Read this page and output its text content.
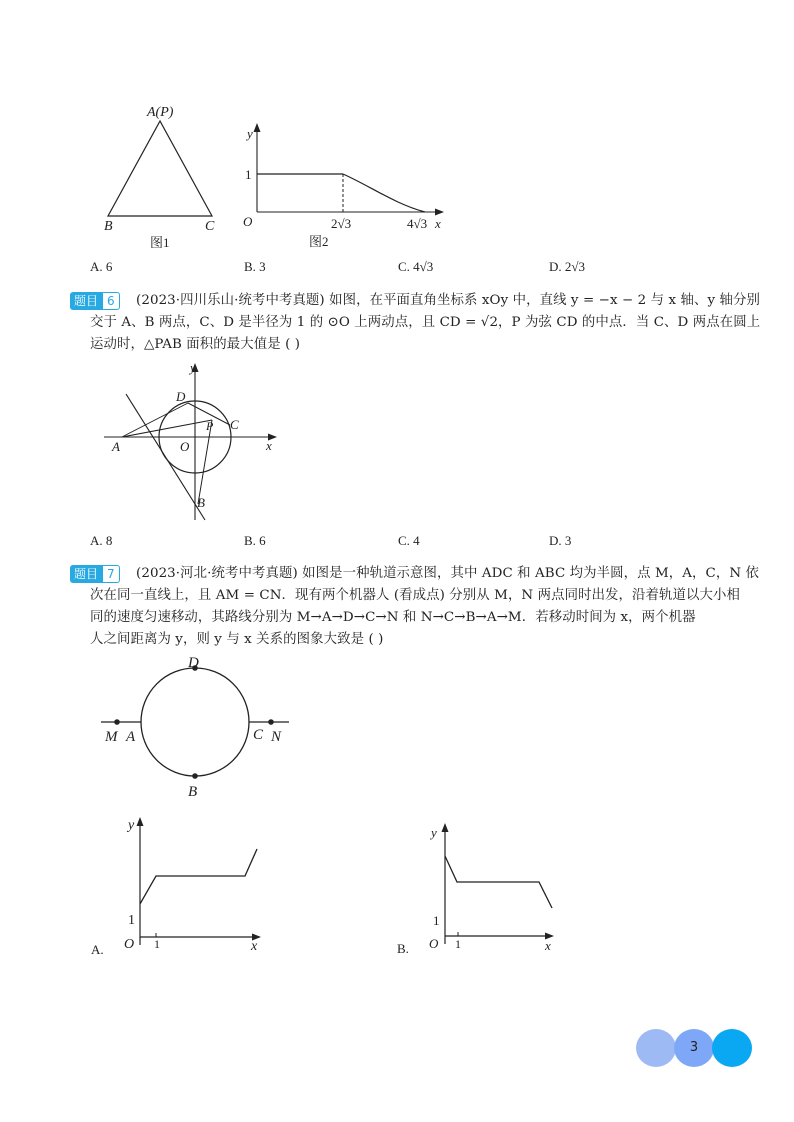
A(P)
B	C
图1
y
x
O
1
2√3	4√3
图2
A. 6	B. 3	C. 4√3	D. 2√3
题目 6	(2023·四川乐山·统考中考真题) 如图，在平面直角坐标系 xOy 中，直线 y = −x − 2 与 x 轴、y 轴分别
交于 A、B 两点，C、D 是半径为 1 的 ⊙O 上两动点，且 CD = √2，P 为弦 CD 的中点．当 C、D 两点在圆上
运动时，△PAB 面积的最大值是 ( )
y
x
D
C
P
O
A
B
A. 8	B. 6	C. 4	D. 3
题目 7	(2023·河北·统考中考真题) 如图是一种轨道示意图，其中 ADC 和 ABC 均为半圆，点 M，A，C，N 依
次在同一直线上，且 AM = CN．现有两个机器人 (看成点) 分别从 M，N 两点同时出发，沿着轨道以大小相
同的速度匀速移动，其路线分别为 M→A→D→C→N 和 N→C→B→A→M．若移动时间为 x，两个机器
人之间距离为 y，则 y 与 x 关系的图象大致是 ( )
D
M A	C N
B
y
x
O 1
1
A.
y
x
O 1
1
B.
3
